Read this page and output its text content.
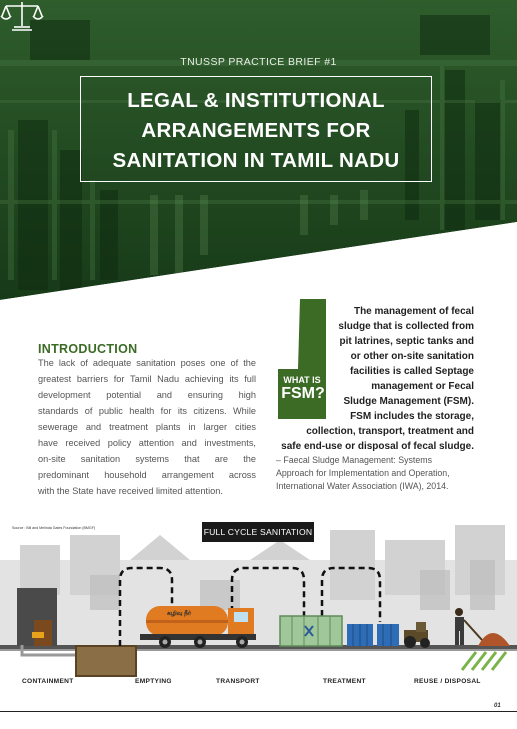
TNUSSP PRACTICE BRIEF #1
LEGAL & INSTITUTIONAL
ARRANGEMENTS FOR
SANITATION IN TAMIL NADU
INTRODUCTION
The lack of adequate sanitation poses one of the
greatest barriers for Tamil Nadu achieving its full
development potential and ensuring high
standards of public health for its citizens. While
sewerage and treatment plants in larger cities
have received policy attention and investments,
on-site sanitation systems that are the
predominant household arrangement across
with the State have received limited attention.
WHAT IS
FSM?
The management of fecal
sludge that is collected from
pit latrines, septic tanks and
or other on-site sanitation
facilities is called Septage
management or Fecal
Sludge Management (FSM).
FSM includes the storage,
collection, transport, treatment and
safe end-use or disposal of fecal sludge.
– Faecal Sludge Management: Systems
Approach for Implementation and Operation,
International Water Association (IWA), 2014.
Source : Bill and Melinda Gates Foundation (BMGF)	FULL CYCLE SANITATION
கழிவு நீர்
CONTAINMENT	EMPTYING	TRANSPORT	TREATMENT	REUSE / DISPOSAL
01
